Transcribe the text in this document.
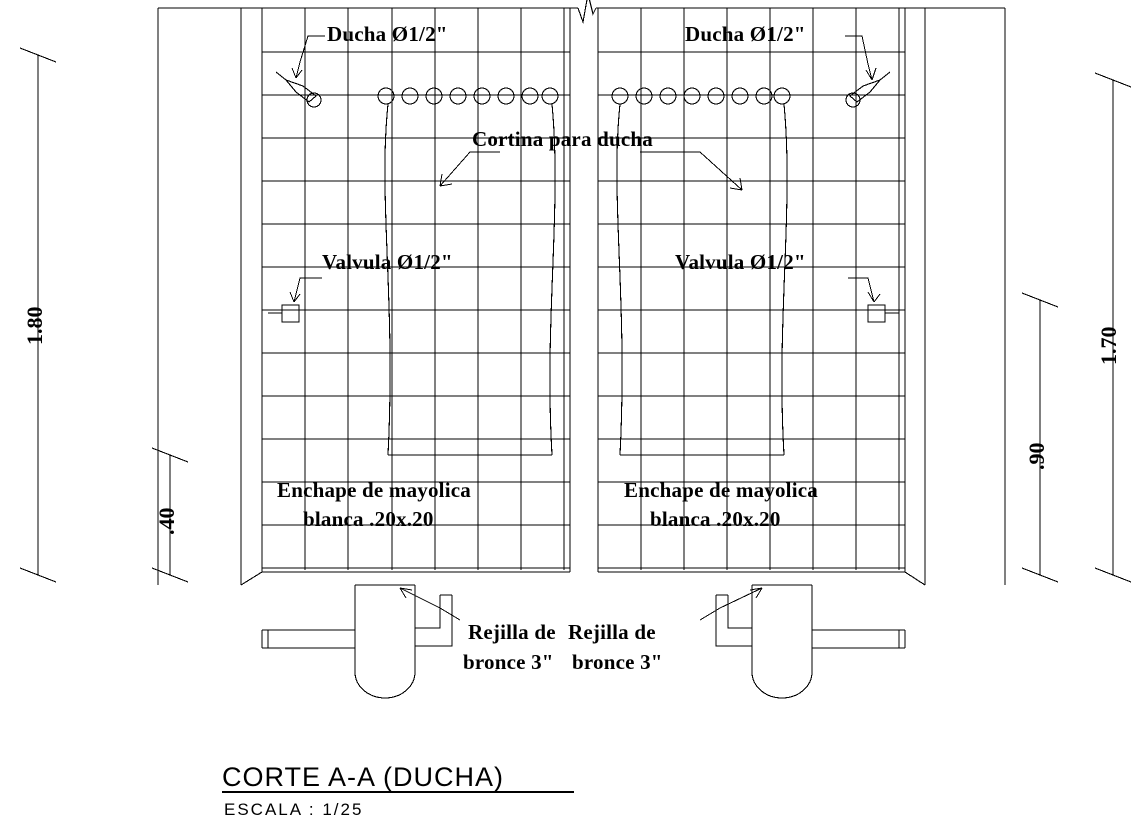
Ducha Ø1/2"	Ducha Ø1/2"
Cortina para ducha
Valvula Ø1/2"	Valvula Ø1/2"
Enchape de mayolica
blanca .20x.20
Enchape de mayolica
blanca .20x.20
Rejilla de
bronce 3"
Rejilla de
bronce 3"
1.80
.40
1.70
.90
CORTE A-A (DUCHA)
ESCALA : 1/25
